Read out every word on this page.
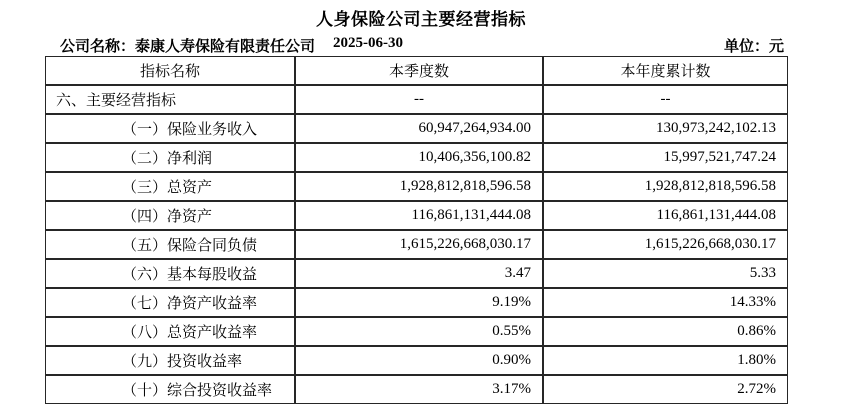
人身保险公司主要经营指标
公司名称：泰康人寿保险有限责任公司 2025-06-30	单位：元
指标名称	本季度数	本年度累计数
六、主要经营指标	--	--
（一）保险业务收入	60,947,264,934.00	130,973,242,102.13
（二）净利润	10,406,356,100.82	15,997,521,747.24
（三）总资产	1,928,812,818,596.58	1,928,812,818,596.58
（四）净资产	116,861,131,444.08	116,861,131,444.08
（五）保险合同负债	1,615,226,668,030.17	1,615,226,668,030.17
（六）基本每股收益	3.47	5.33
（七）净资产收益率	9.19%	14.33%
（八）总资产收益率	0.55%	0.86%
（九）投资收益率	0.90%	1.80%
（十）综合投资收益率	3.17%	2.72%
